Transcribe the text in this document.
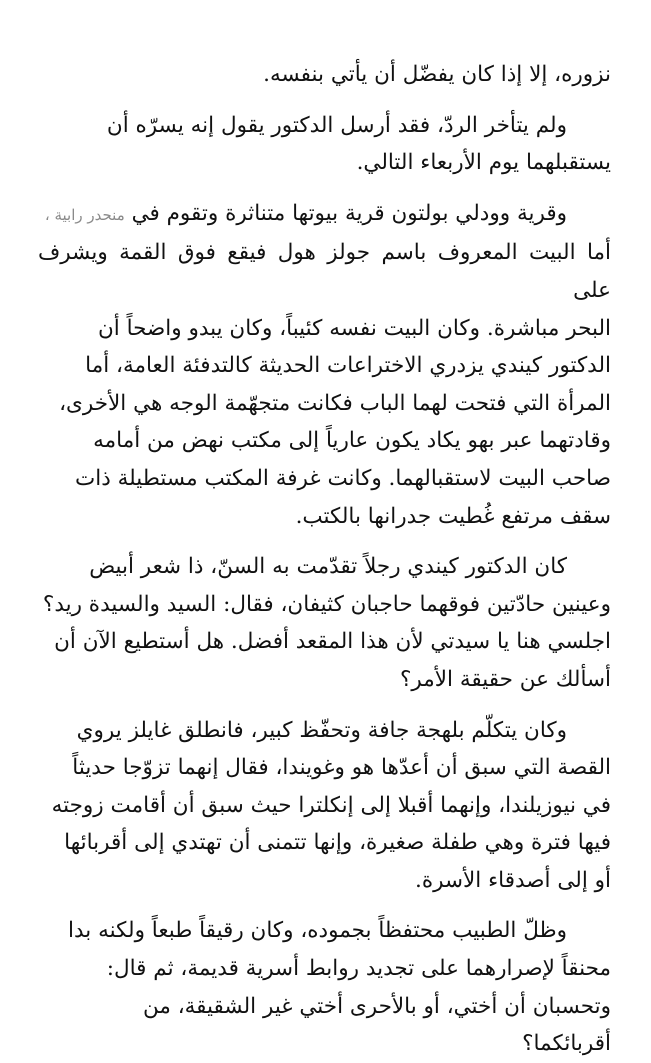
نزوره، إلا إذا كان يفضّل أن يأتي بنفسه.

ولم يتأخر الردّ، فقد أرسل الدكتور يقول إنه يسرّه أن
يستقبلهما يوم الأربعاء التالي.

وقرية وودلي بولتون قرية بيوتها متناثرة وتقوم في منحدر رابية ،
أما البيت المعروف باسم جولز هول فيقع فوق القمة ويشرف على
البحر مباشرة. وكان البيت نفسه كئيباً، وكان يبدو واضحاً أن
الدكتور كيندي يزدري الاختراعات الحديثة كالتدفئة العامة، أما
المرأة التي فتحت لهما الباب فكانت متجهّمة الوجه هي الأخرى،
وقادتهما عبر بهو يكاد يكون عارياً إلى مكتب نهض من أمامه
صاحب البيت لاستقبالهما. وكانت غرفة المكتب مستطيلة ذات
سقف مرتفع غُطيت جدرانها بالكتب.

كان الدكتور كيندي رجلاً تقدّمت به السنّ، ذا شعر أبيض
وعينين حادّتين فوقهما حاجبان كثيفان، فقال: السيد والسيدة ريد؟
اجلسي هنا يا سيدتي لأن هذا المقعد أفضل. هل أستطيع الآن أن
أسألك عن حقيقة الأمر؟

وكان يتكلّم بلهجة جافة وتحفّظ كبير، فانطلق غايلز يروي
القصة التي سبق أن أعدّها هو وغويندا، فقال إنهما تزوّجا حديثاً
في نيوزيلندا، وإنهما أقبلا إلى إنكلترا حيث سبق أن أقامت زوجته
فيها فترة وهي طفلة صغيرة، وإنها تتمنى أن تهتدي إلى أقربائها
أو إلى أصدقاء الأسرة.

وظلّ الطبيب محتفظاً بجموده، وكان رقيقاً طبعاً ولكنه بدا
محنقاً لإصرارهما على تجديد روابط أسرية قديمة، ثم قال:
وتحسبان أن أختي، أو بالأحرى أختي غير الشقيقة، من
أقربائكما؟
